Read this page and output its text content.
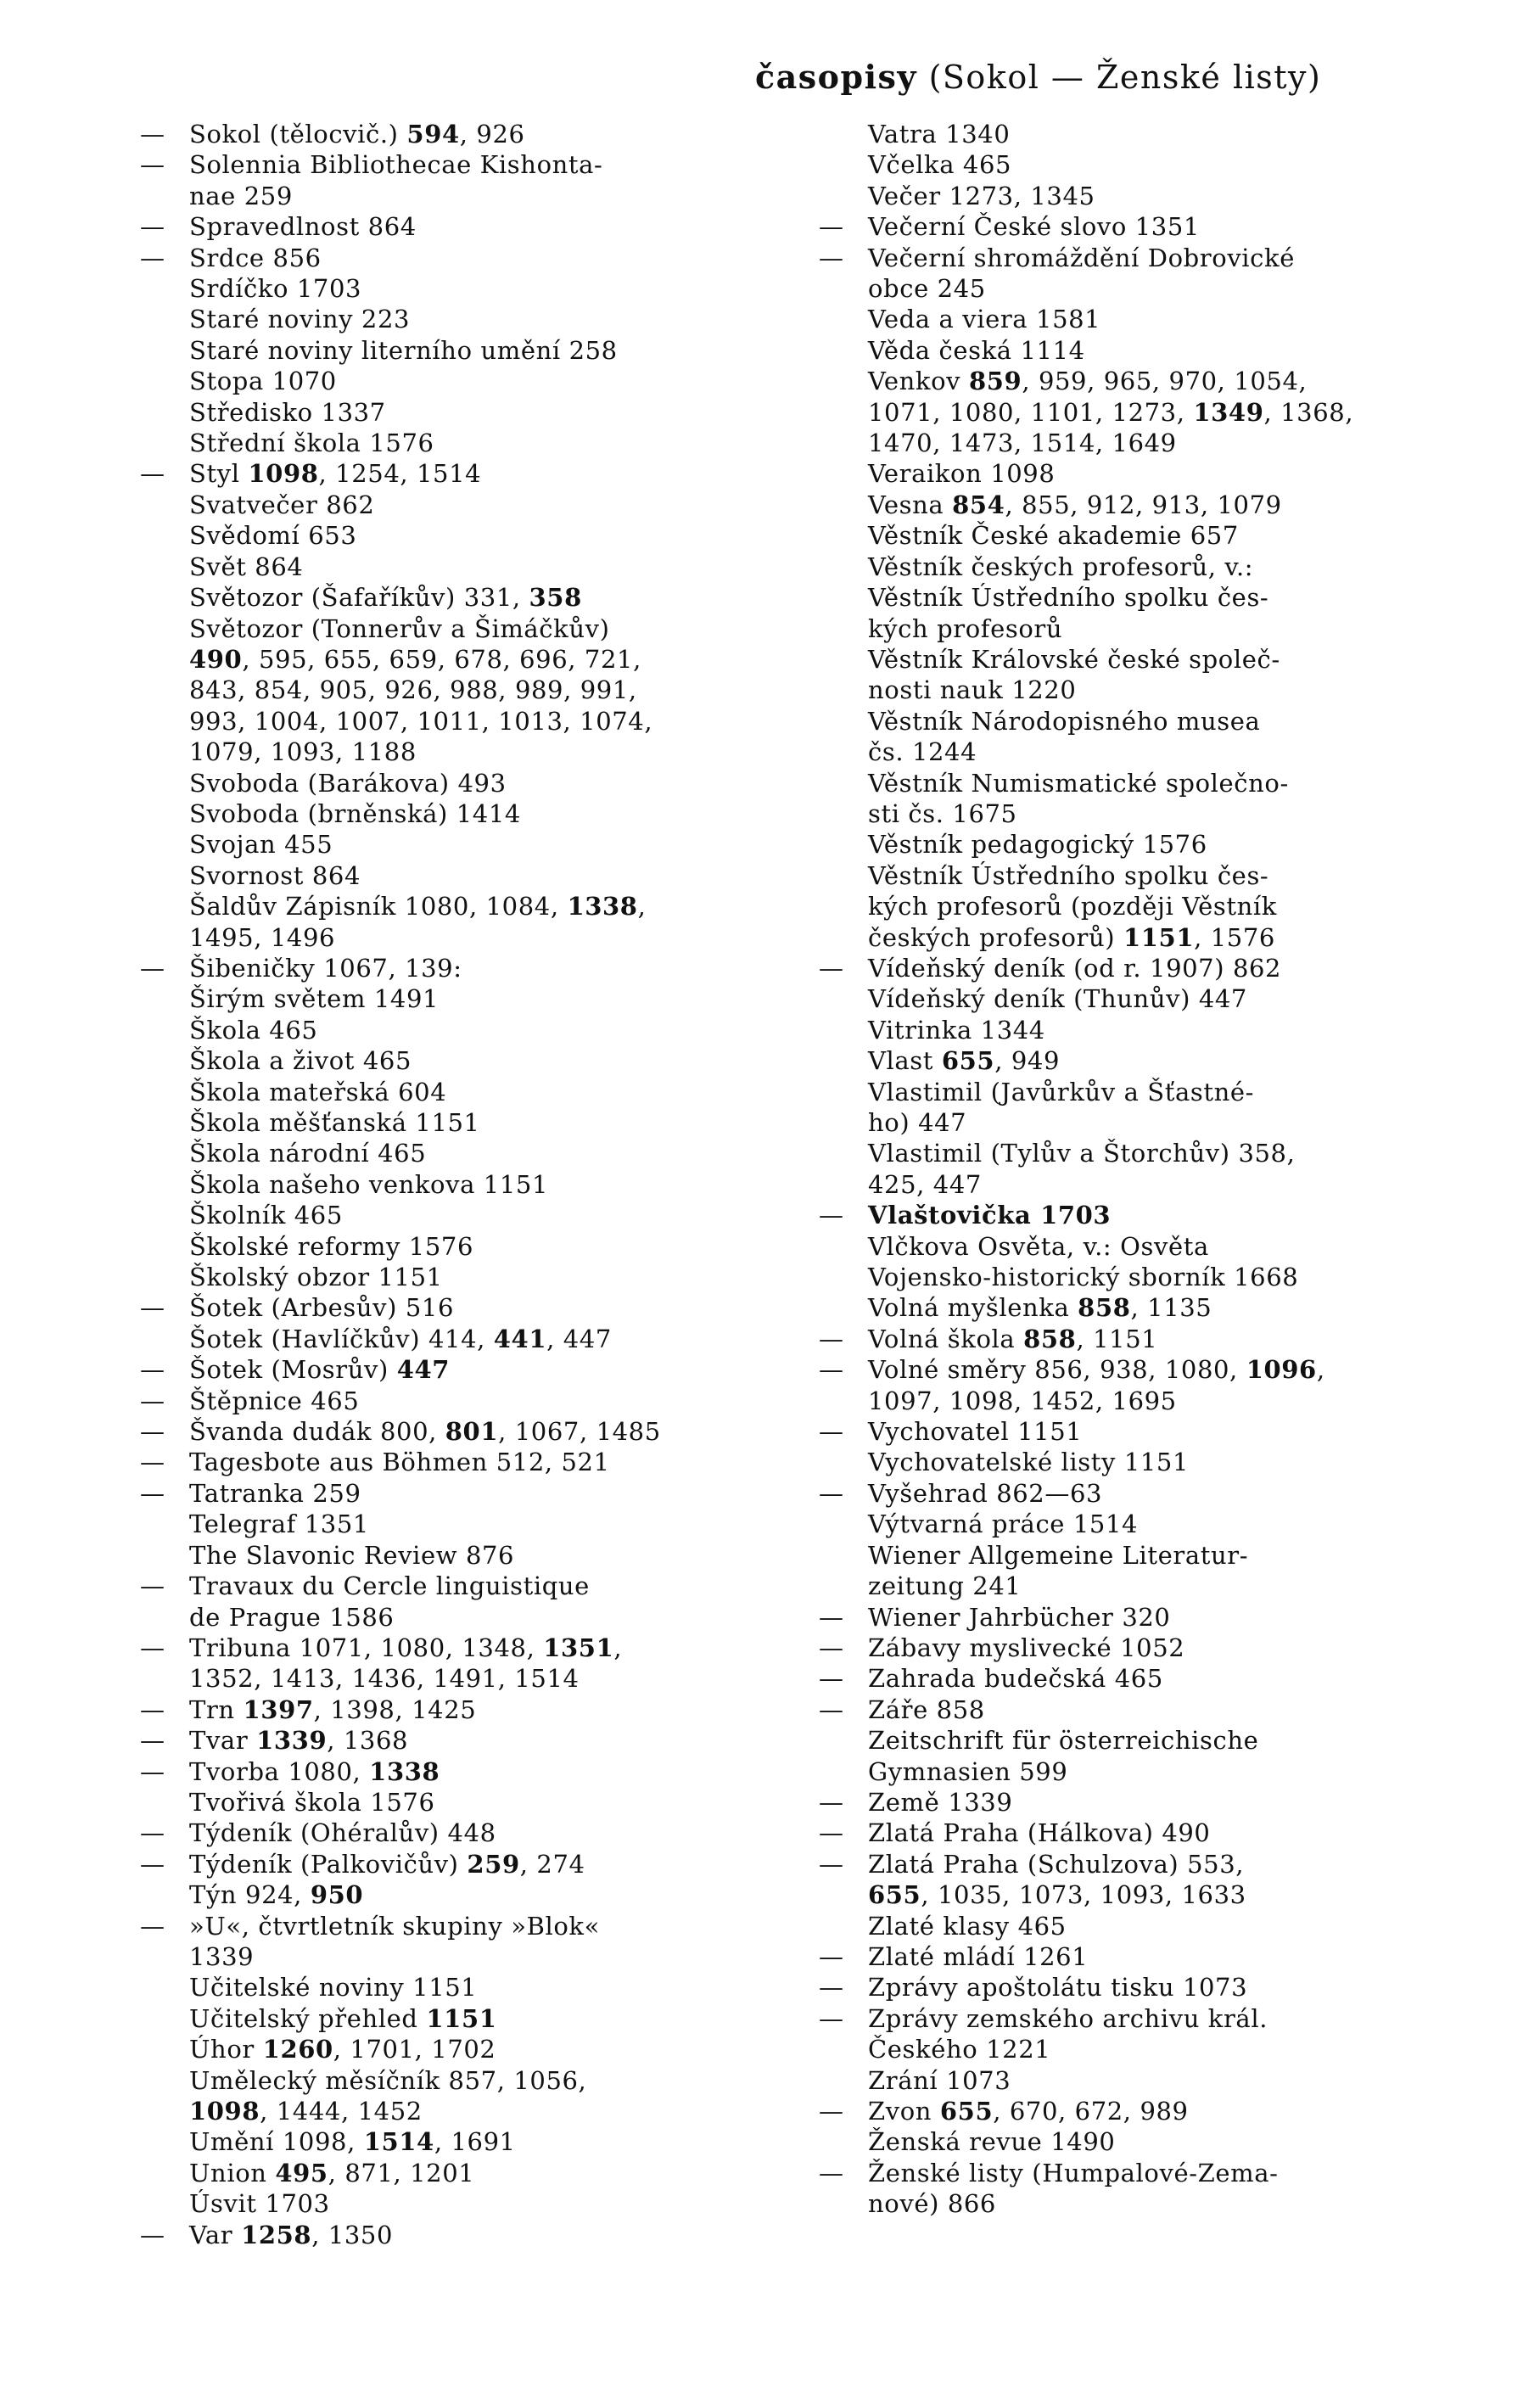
časopisy (Sokol — Ženské listy)
— Sokol (tělocvič.) 594, 926
— Solennia Bibliothecae Kishonta-
nae 259
— Spravedlnost 864
— Srdce 856
Srdíčko 1703
Staré noviny 223
Staré noviny literního umění 258
Stopa 1070
Středisko 1337
Střední škola 1576
— Styl 1098, 1254, 1514
Svatvečer 862
Svědomí 653
Svět 864
Světozor (Šafaříkův) 331, 358
Světozor (Tonnerův a Šimáčkův)
490, 595, 655, 659, 678, 696, 721,
843, 854, 905, 926, 988, 989, 991,
993, 1004, 1007, 1011, 1013, 1074,
1079, 1093, 1188
Svoboda (Barákova) 493
Svoboda (brněnská) 1414
Svojan 455
Svornost 864
Šaldův Zápisník 1080, 1084, 1338,
1495, 1496
— Šibeničky 1067, 139:
Širým světem 1491
Škola 465
Škola a život 465
Škola mateřská 604
Škola měšťanská 1151
Škola národní 465
Škola našeho venkova 1151
Školník 465
Školské reformy 1576
Školský obzor 1151
— Šotek (Arbesův) 516
Šotek (Havlíčkův) 414, 441, 447
— Šotek (Mosrův) 447
— Štěpnice 465
— Švanda dudák 800, 801, 1067, 1485
— Tagesbote aus Böhmen 512, 521
— Tatranka 259
Telegraf 1351
The Slavonic Review 876
— Travaux du Cercle linguistique
de Prague 1586
— Tribuna 1071, 1080, 1348, 1351,
1352, 1413, 1436, 1491, 1514
— Trn 1397, 1398, 1425
— Tvar 1339, 1368
— Tvorba 1080, 1338
Tvořivá škola 1576
— Týdeník (Ohéralův) 448
— Týdeník (Palkovičův) 259, 274
Týn 924, 950
— »U«, čtvrtletník skupiny »Blok«
1339
Učitelské noviny 1151
Učitelský přehled 1151
Úhor 1260, 1701, 1702
Umělecký měsíčník 857, 1056,
1098, 1444, 1452
Umění 1098, 1514, 1691
Union 495, 871, 1201
Úsvit 1703
— Var 1258, 1350
Vatra 1340
Včelka 465
Večer 1273, 1345
— Večerní České slovo 1351
— Večerní shromáždění Dobrovické
obce 245
Veda a viera 1581
Věda česká 1114
Venkov 859, 959, 965, 970, 1054,
1071, 1080, 1101, 1273, 1349, 1368,
1470, 1473, 1514, 1649
Veraikon 1098
Vesna 854, 855, 912, 913, 1079
Věstník České akademie 657
Věstník českých profesorů, v.:
Věstník Ústředního spolku čes-
kých profesorů
Věstník Královské české společ-
nosti nauk 1220
Věstník Národopisného musea
čs. 1244
Věstník Numismatické společno-
sti čs. 1675
Věstník pedagogický 1576
Věstník Ústředního spolku čes-
kých profesorů (později Věstník
českých profesorů) 1151, 1576
— Vídeňský deník (od r. 1907) 862
Vídeňský deník (Thunův) 447
Vitrinka 1344
Vlast 655, 949
Vlastimil (Javůrkův a Šťastné-
ho) 447
Vlastimil (Tylův a Štorchův) 358,
425, 447
— Vlaštovička 1703
Vlčkova Osvěta, v.: Osvěta
Vojensko-historický sborník 1668
Volná myšlenka 858, 1135
— Volná škola 858, 1151
— Volné směry 856, 938, 1080, 1096,
1097, 1098, 1452, 1695
— Vychovatel 1151
Vychovatelské listy 1151
— Vyšehrad 862—63
Výtvarná práce 1514
Wiener Allgemeine Literatur-
zeitung 241
— Wiener Jahrbücher 320
— Zábavy myslivecké 1052
— Zahrada budečská 465
— Záře 858
Zeitschrift für österreichische
Gymnasien 599
— Země 1339
— Zlatá Praha (Hálkova) 490
— Zlatá Praha (Schulzova) 553,
655, 1035, 1073, 1093, 1633
Zlaté klasy 465
— Zlaté mládí 1261
— Zprávy apoštolátu tisku 1073
— Zprávy zemského archivu král.
Českého 1221
Zrání 1073
— Zvon 655, 670, 672, 989
Ženská revue 1490
— Ženské listy (Humpalové-Zema-
nové) 866
